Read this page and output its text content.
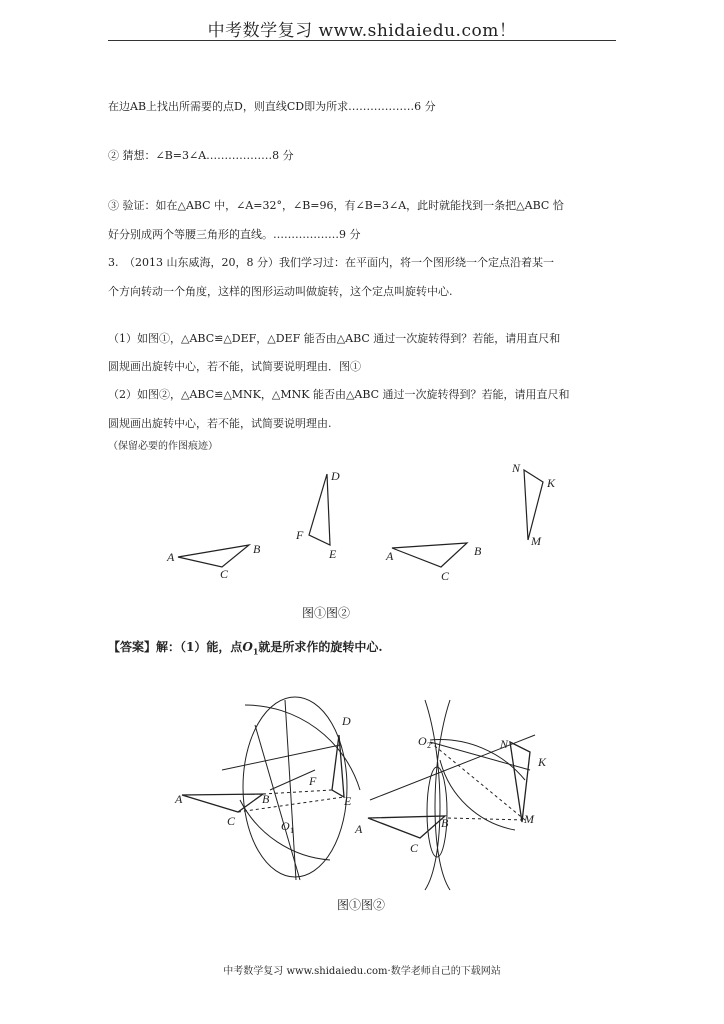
中考数学复习 www.shidaiedu.com！
在边AB上找出所需要的点D，则直线CD即为所求………………6 分
② 猜想：∠B=3∠A………………8 分
③ 验证：如在△ABC 中，∠A=32°，∠B=96，有∠B=3∠A，此时就能找到一条把△ABC 恰
好分别成两个等腰三角形的直线。………………9 分
3.　（2013 山东威海，20，8 分）我们学习过：在平面内，将一个图形绕一个定点沿着某一
个方向转动一个角度，这样的图形运动叫做旋转，这个定点叫旋转中心.
（1）如图①，△ABC≌△DEF，△DEF 能否由△ABC 通过一次旋转得到？若能，请用直尺和
圆规画出旋转中心，若不能，试简要说明理由．图①
（2）如图②，△ABC≌△MNK，△MNK 能否由△ABC 通过一次旋转得到？若能，请用直尺和
圆规画出旋转中心，若不能，试简要说明理由.
（保留必要的作图痕迹）
A
B
C
D
E
F
A	B
C
N
K
M
图①图②
【答案】解：（1）能，点$O_1$就是所求作的旋转中心.
A	B
C
D
E
F
O 1	A	B
C
N
K
M
O 2
图①图②
中考数学复习 www.shidaiedu.com·数学老师自己的下载网站
